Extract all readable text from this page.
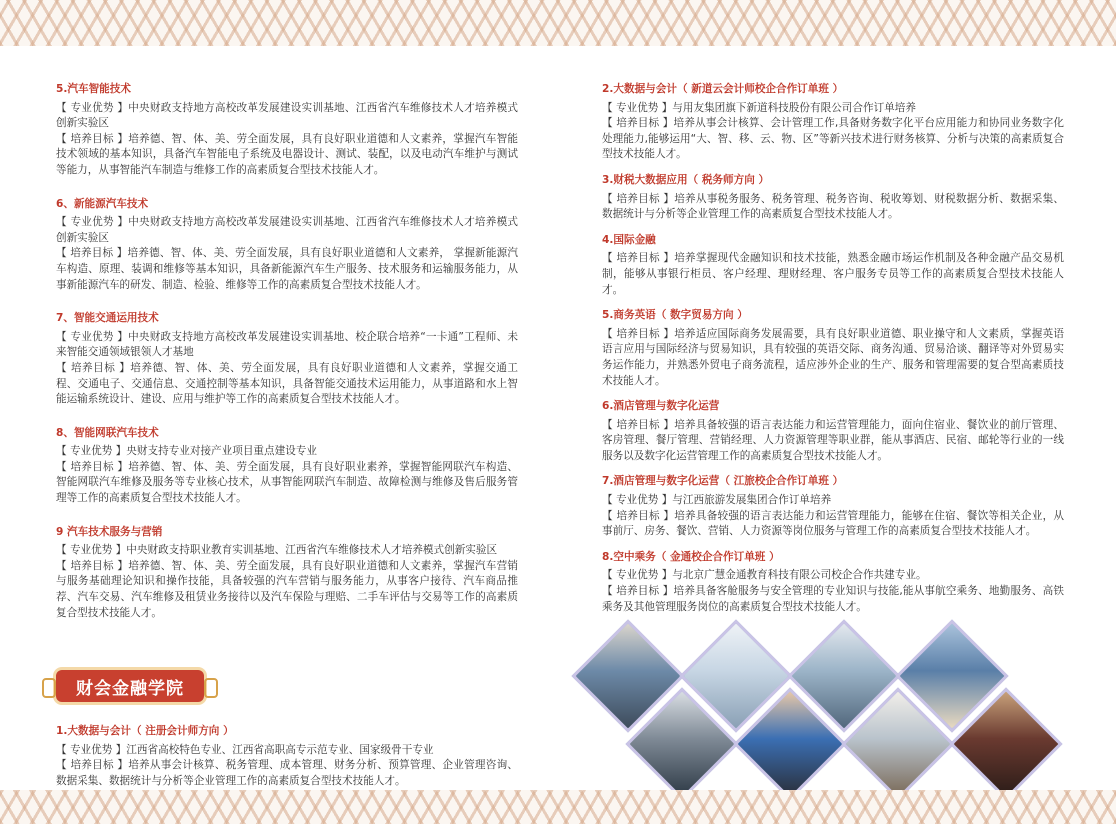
5.汽车智能技术

【 专业优势 】中央财政支持地方高校改革发展建设实训基地、江西省汽车维修技术人才培养模式创新实验区

【 培养目标 】培养德、智、体、美、劳全面发展，具有良好职业道德和人文素养，掌握汽车智能技术领域的基本知识，具备汽车智能电子系统及电器设计、测试、装配，以及电动汽车维护与测试等能力，从事智能汽车制造与维修工作的高素质复合型技术技能人才。

6、新能源汽车技术

【 专业优势 】中央财政支持地方高校改革发展建设实训基地、江西省汽车维修技术人才培养模式创新实验区

【 培养目标 】培养德、智、体、美、劳全面发展，具有良好职业道德和人文素养， 掌握新能源汽车构造、原理、装调和维修等基本知识，具备新能源汽车生产服务、技术服务和运输服务能力，从事新能源汽车的研发、制造、检验、维修等工作的高素质复合型技术技能人才。

7、智能交通运用技术

【 专业优势 】中央财政支持地方高校改革发展建设实训基地、校企联合培养“一卡通”工程师、未来智能交通领域银领人才基地

【 培养目标 】培养德、智、体、美、劳全面发展，具有良好职业道德和人文素养，掌握交通工程、交通电子、交通信息、交通控制等基本知识，具备智能交通技术运用能力，从事道路和水上智能运输系统设计、建设、应用与维护等工作的高素质复合型技术技能人才。

8、智能网联汽车技术

【 专业优势 】央财支持专业对接产业项目重点建设专业

【 培养目标 】培养德、智、体、美、劳全面发展，具有良好职业素养，掌握智能网联汽车构造、智能网联汽车维修及服务等专业核心技术，从事智能网联汽车制造、故障检测与维修及售后服务管理等工作的高素质复合型技术技能人才。

9 汽车技术服务与营销

【 专业优势 】中央财政支持职业教育实训基地、江西省汽车维修技术人才培养模式创新实验区

【 培养目标 】培养德、智、体、美、劳全面发展，具有良好职业道德和人文素养，掌握汽车营销与服务基础理论知识和操作技能，具备较强的汽车营销与服务能力，从事客户接待、汽车商品推荐、汽车交易、汽车维修及租赁业务接待以及汽车保险与理赔、二手车评估与交易等工作的高素质复合型技术技能人才。

财会金融学院
1.大数据与会计（ 注册会计师方向 ）

【 专业优势 】江西省高校特色专业、江西省高职高专示范专业、国家级骨干专业

【 培养目标 】培养从事会计核算、税务管理、成本管理、财务分析、预算管理、企业管理咨询、数据采集、数据统计与分析等企业管理工作的高素质复合型技术技能人才。

2.大数据与会计（ 新道云会计师校企合作订单班 ）

【 专业优势 】与用友集团旗下新道科技股份有限公司合作订单培养

【 培养目标 】培养从事会计核算、会计管理工作,具备财务数字化平台应用能力和协同业务数字化处理能力,能够运用“大、智、移、云、物、区”等新兴技术进行财务核算、分析与决策的高素质复合型技术技能人才。

3.财税大数据应用（ 税务师方向 ）

【 培养目标 】培养从事税务服务、税务管理、税务咨询、税收筹划、财税数据分析、数据采集、数据统计与分析等企业管理工作的高素质复合型技术技能人才。

4.国际金融

【 培养目标 】培养掌握现代金融知识和技术技能，熟悉金融市场运作机制及各种金融产品交易机制，能够从事银行柜员、客户经理、理财经理、客户服务专员等工作的高素质复合型技术技能人才。

5.商务英语（ 数字贸易方向 ）

【 培养目标 】培养适应国际商务发展需要，具有良好职业道德、职业操守和人文素质，掌握英语语言应用与国际经济与贸易知识，具有较强的英语交际、商务沟通、贸易洽谈、翻译等对外贸易实务运作能力，并熟悉外贸电子商务流程，适应涉外企业的生产、服务和管理需要的复合型高素质技术技能人才。

6.酒店管理与数字化运营

【 培养目标 】培养具备较强的语言表达能力和运营管理能力，面向住宿业、餐饮业的前厅管理、客房管理、餐厅管理、营销经理、人力资源管理等职业群，能从事酒店、民宿、邮轮等行业的一线服务以及数字化运营管理工作的高素质复合型技术技能人才。

7.酒店管理与数字化运营（ 江旅校企合作订单班 ）

【 专业优势 】与江西旅游发展集团合作订单培养

【 培养目标 】培养具备较强的语言表达能力和运营管理能力，能够在住宿、餐饮等相关企业，从事前厅、房务、餐饮、营销、人力资源等岗位服务与管理工作的高素质复合型技术技能人才。

8.空中乘务（ 金通校企合作订单班 ）

【 专业优势 】与北京广慧金通教育科技有限公司校企合作共建专业。

【 培养目标 】培养具备客舱服务与安全管理的专业知识与技能,能从事航空乘务、地勤服务、高铁乘务及其他管理服务岗位的高素质复合型技术技能人才。
